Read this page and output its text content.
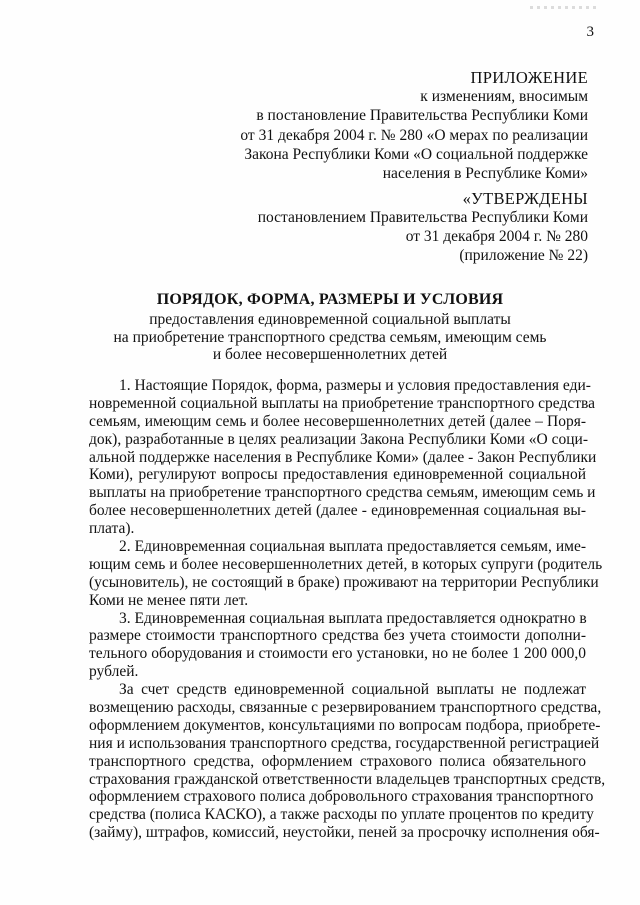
3
ПРИЛОЖЕНИЕ
к изменениям, вносимым
в постановление Правительства Республики Коми
от 31 декабря 2004 г. № 280 «О мерах по реализации
Закона Республики Коми «О социальной поддержке
населения в Республике Коми»
«УТВЕРЖДЕНЫ
постановлением Правительства Республики Коми
от 31 декабря 2004 г. № 280
(приложение № 22)
ПОРЯДОК, ФОРМА, РАЗМЕРЫ И УСЛОВИЯ
предоставления единовременной социальной выплаты
на приобретение транспортного средства семьям, имеющим семь
и более несовершеннолетних детей
1. Настоящие Порядок, форма, размеры и условия предоставления еди-
новременной социальной выплаты на приобретение транспортного средства
семьям, имеющим семь и более несовершеннолетних детей (далее – Поря-
док), разработанные в целях реализации Закона Республики Коми «О соци-
альной поддержке населения в Республике Коми» (далее - Закон Республики
Коми), регулируют вопросы предоставления единовременной социальной
выплаты на приобретение транспортного средства семьям, имеющим семь и
более несовершеннолетних детей (далее - единовременная социальная вы-
плата).
2. Единовременная социальная выплата предоставляется семьям, име-
ющим семь и более несовершеннолетних детей, в которых супруги (родитель
(усыновитель), не состоящий в браке) проживают на территории Республики
Коми не менее пяти лет.
3. Единовременная социальная выплата предоставляется однократно в
размере стоимости транспортного средства без учета стоимости дополни-
тельного оборудования и стоимости его установки, но не более 1 200 000,0
рублей.
За счет средств единовременной социальной выплаты не подлежат
возмещению расходы, связанные с резервированием транспортного средства,
оформлением документов, консультациями по вопросам подбора, приобрете-
ния и использования транспортного средства, государственной регистрацией
транспортного средства, оформлением страхового полиса обязательного
страхования гражданской ответственности владельцев транспортных средств,
оформлением страхового полиса добровольного страхования транспортного
средства (полиса КАСКО), а также расходы по уплате процентов по кредиту
(займу), штрафов, комиссий, неустойки, пеней за просрочку исполнения обя-
